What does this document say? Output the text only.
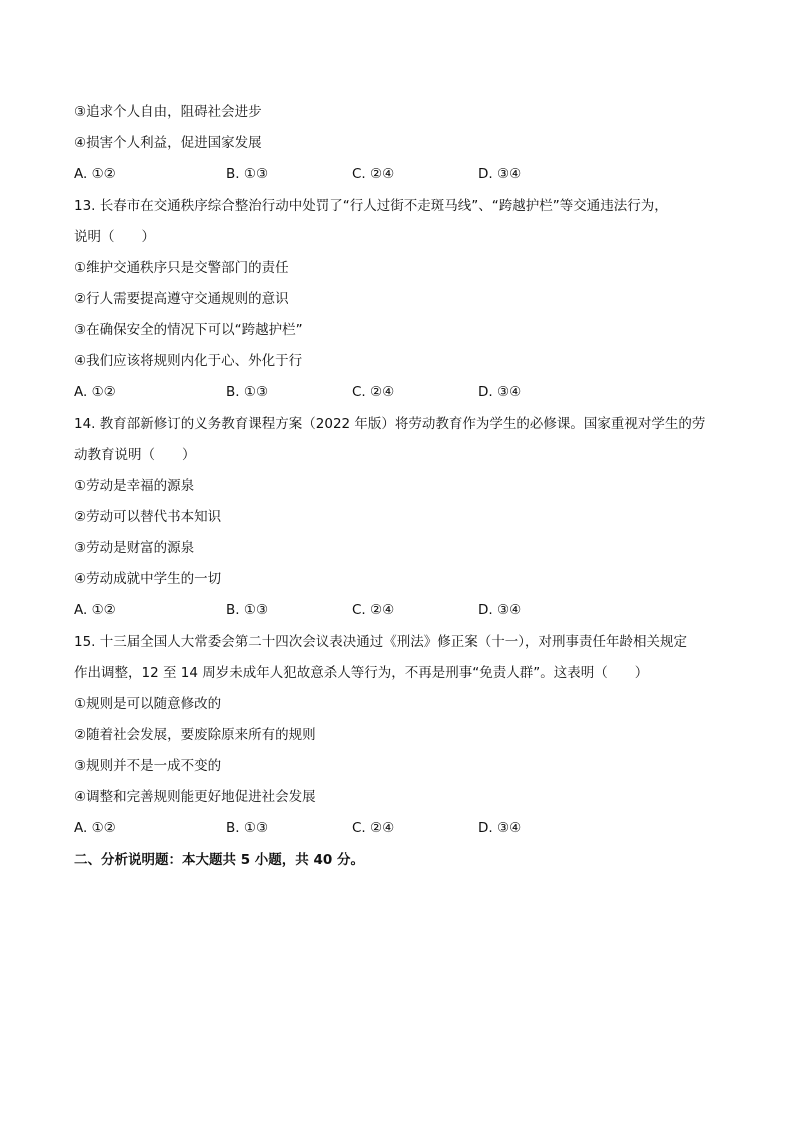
③追求个人自由，阻碍社会进步
④损害个人利益，促进国家发展
A. ①②	B. ①③	C. ②④	D. ③④
13. 长春市在交通秩序综合整治行动中处罚了“行人过街不走斑马线”、“跨越护栏”等交通违法行为，
说明（　　）
①维护交通秩序只是交警部门的责任
②行人需要提高遵守交通规则的意识
③在确保安全的情况下可以“跨越护栏”
④我们应该将规则内化于心、外化于行
A. ①②	B. ①③	C. ②④	D. ③④
14. 教育部新修订的义务教育课程方案（2022 年版）将劳动教育作为学生的必修课。国家重视对学生的劳
动教育说明（　　）
①劳动是幸福的源泉
②劳动可以替代书本知识
③劳动是财富的源泉
④劳动成就中学生的一切
A. ①②	B. ①③	C. ②④	D. ③④
15. 十三届全国人大常委会第二十四次会议表决通过《刑法》修正案（十一），对刑事责任年龄相关规定
作出调整，12 至 14 周岁未成年人犯故意杀人等行为，不再是刑事“免责人群”。这表明（　　）
①规则是可以随意修改的
②随着社会发展，要废除原来所有的规则
③规则并不是一成不变的
④调整和完善规则能更好地促进社会发展
A. ①②	B. ①③	C. ②④	D. ③④
二、分析说明题：本大题共 5 小题，共 40 分。
